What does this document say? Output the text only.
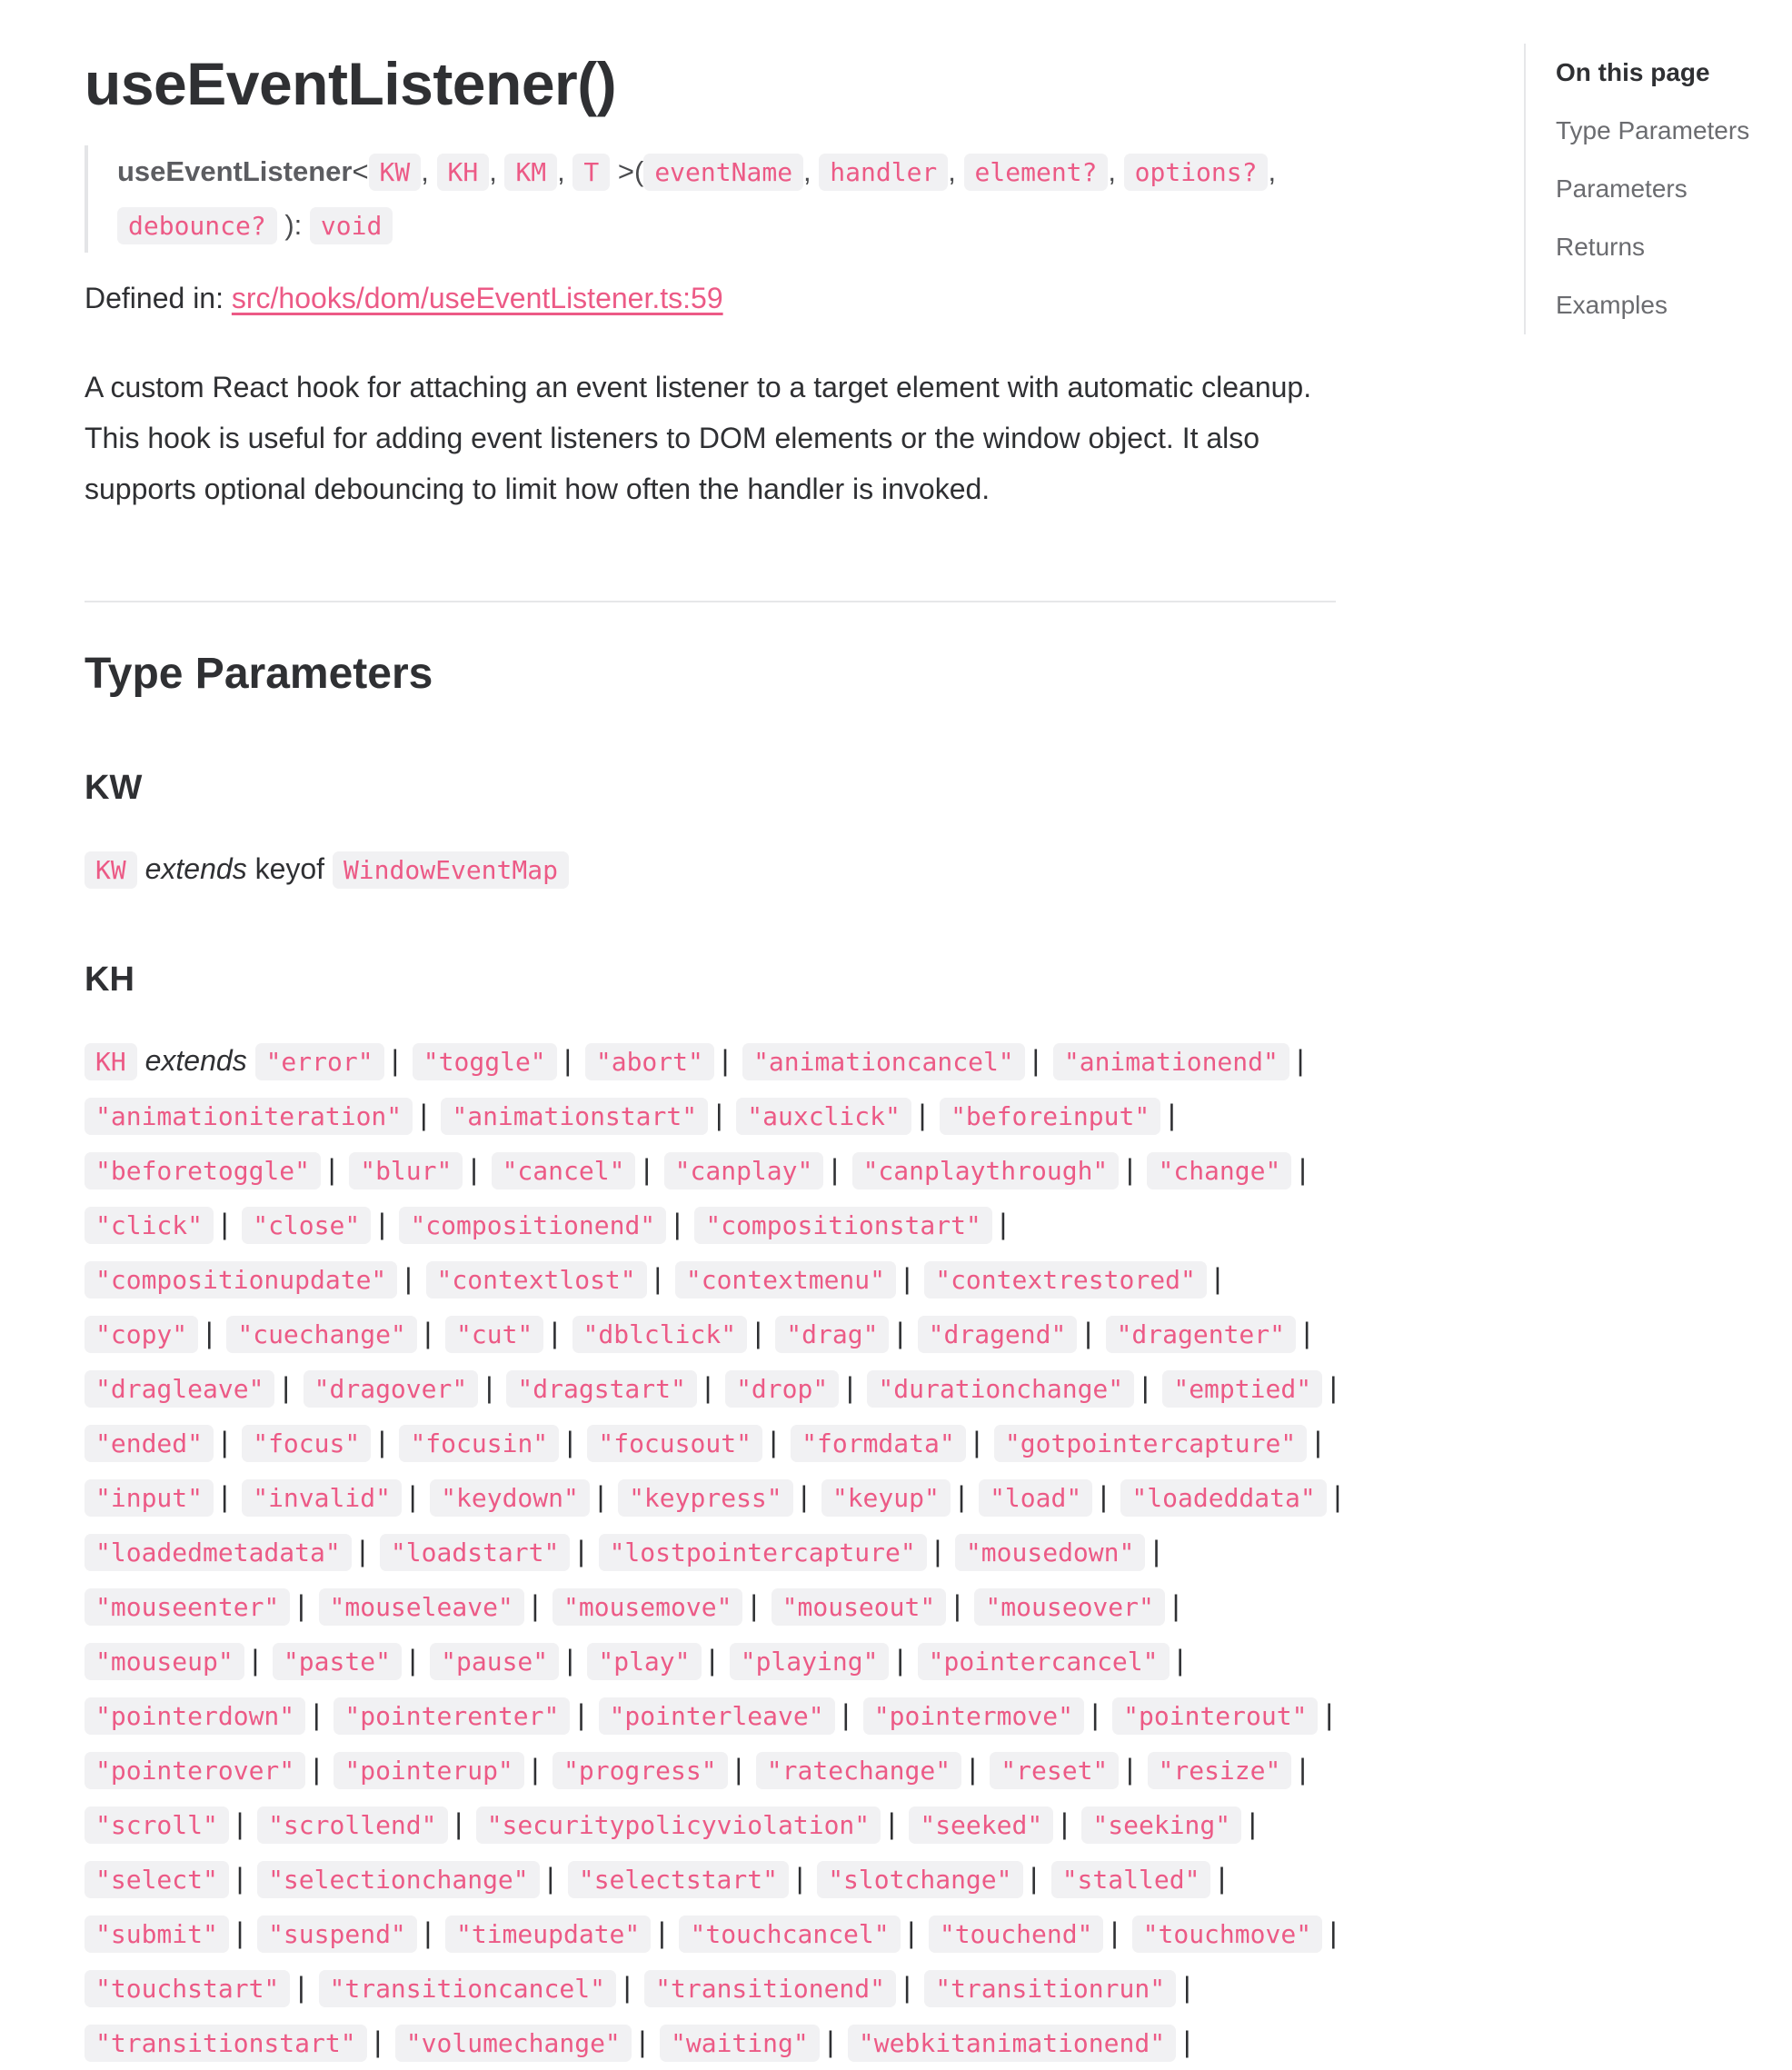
useEventListener()
useEventListener< KW , KH , KM , T >( eventName , handler , element? , options? , debounce? ): void
Defined in: src/hooks/dom/useEventListener.ts:59

A custom React hook for attaching an event listener to a target element with automatic cleanup. This hook is useful for adding event listeners to DOM elements or the window object. It also supports optional debouncing to limit how often the handler is invoked.

Type Parameters
KW
KW extends keyof WindowEventMap
KH
KH extends "error" | "toggle" | "abort" | "animationcancel" | "animationend" | "animationiteration" | "animationstart" | "auxclick" | "beforeinput" | "beforetoggle" | "blur" | "cancel" | "canplay" | "canplaythrough" | "change" | "click" | "close" | "compositionend" | "compositionstart" | "compositionupdate" | "contextlost" | "contextmenu" | "contextrestored" | "copy" | "cuechange" | "cut" | "dblclick" | "drag" | "dragend" | "dragenter" | "dragleave" | "dragover" | "dragstart" | "drop" | "durationchange" | "emptied" | "ended" | "focus" | "focusin" | "focusout" | "formdata" | "gotpointercapture" | "input" | "invalid" | "keydown" | "keypress" | "keyup" | "load" | "loadeddata" | "loadedmetadata" | "loadstart" | "lostpointercapture" | "mousedown" | "mouseenter" | "mouseleave" | "mousemove" | "mouseout" | "mouseover" | "mouseup" | "paste" | "pause" | "play" | "playing" | "pointercancel" | "pointerdown" | "pointerenter" | "pointerleave" | "pointermove" | "pointerout" | "pointerover" | "pointerup" | "progress" | "ratechange" | "reset" | "resize" | "scroll" | "scrollend" | "securitypolicyviolation" | "seeked" | "seeking" | "select" | "selectionchange" | "selectstart" | "slotchange" | "stalled" | "submit" | "suspend" | "timeupdate" | "touchcancel" | "touchend" | "touchmove" | "touchstart" | "transitioncancel" | "transitionend" | "transitionrun" | "transitionstart" | "volumechange" | "waiting" | "webkitanimationend" |
On this page
Type Parameters
Parameters
Returns
Examples
